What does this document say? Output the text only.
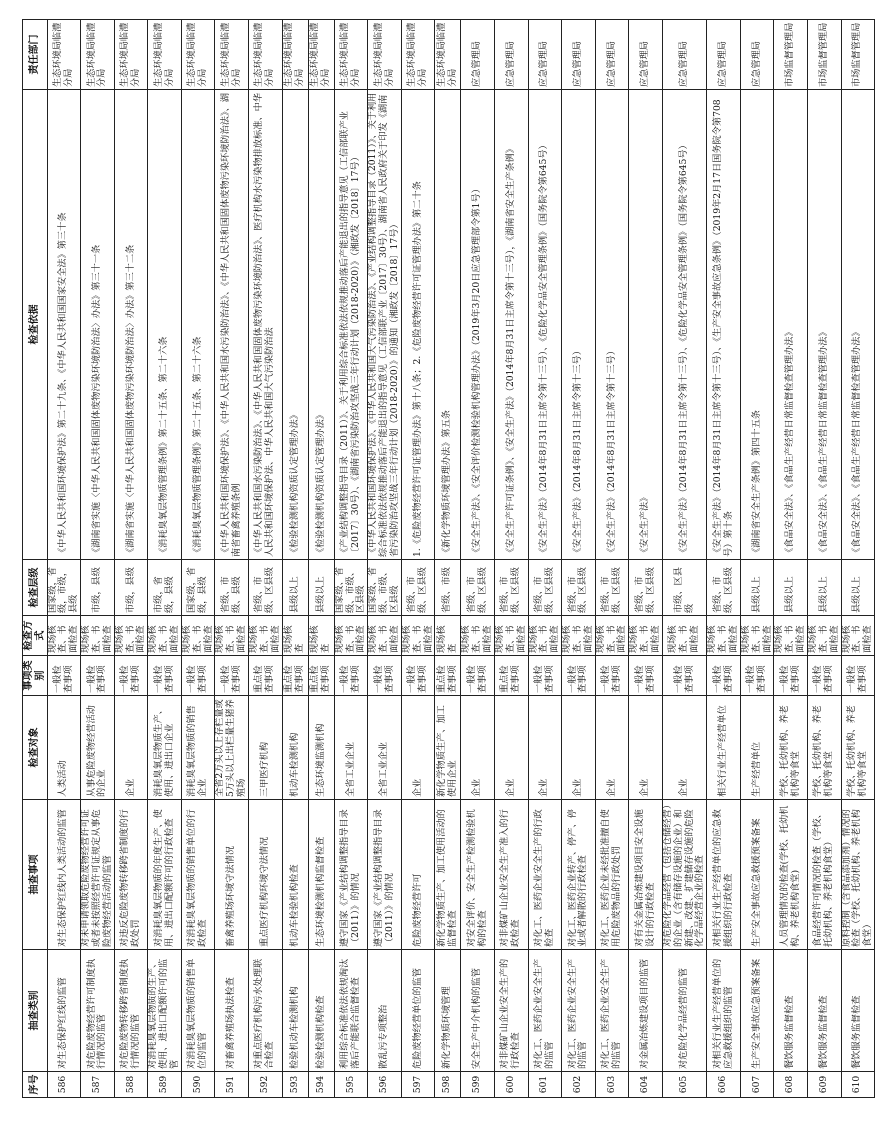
序号	抽查类别	抽查事项	检查对象	事项类别	检查方式	检查层级	检查依据	责任部门
586	对生态保护红线的监管	对生态保护红线内人类活动的监管	人类活动	一般检查事项	现场核查、书面检查	国家级，省级，市级，县级	《中华人民共和国环境保护法》第二十九条、《中华人民共和国国家安全法》第三十条	生态环境局临澧分局
587	对危险废物经营许可制度执行情况的监管	对未申请领取危险废物经营许可证或者未按照经营许可证规定从事危险废物经营活动的监管	从事危险废物经营活动的企业	一般检查事项	现场核查、书面检查	市级，县级	《湖南省实施〈中华人民共和国固体废物污染环境防治法〉办法》第三十一条	生态环境局临澧分局
588	对危险废物转移跨省制度执行情况的监管	对违反危险废物转移跨省制度的行政处罚	企业	一般检查事项	现场核查、书面检查	市级，县级	《湖南省实施〈中华人民共和国固体废物污染环境防治法〉办法》第三十二条	生态环境局临澧分局
589	对消耗臭氧层物质的生产、使用、进出口配额许可的监管	对消耗臭氧层物质的年度生产、使用、进出口配额许可的行政检查	消耗臭氧层物质生产、使用、进出口企业	一般检查事项	现场核查、书面检查	市级，省级，县级	《消耗臭氧层物质管理条例》第二十五条、第二十六条	生态环境局临澧分局
590	对消耗臭氧层物质的销售单位的监管	对消耗臭氧层物质的销售单位的行政检查	消耗臭氧层物质的销售企业	一般检查事项	现场核查、书面检查	国家级，省级，县级	《消耗臭氧层物质管理条例》第二十五条、第二十六条	生态环境局临澧分局
591	对畜禽养殖场执法检查	畜禽养殖场环境守法情况	全省2万头以上存栏量或5万头以上出栏量生猪养殖场	一般检查事项	现场核查、书面检查	省级、市级、县级	《中华人民共和国环境保护法》、《中华人民共和国水污染防治法》、《中华人民共和国固体废物污染环境防治法》、湖南省畜禽养殖条例	生态环境局临澧分局
592	对重点医疗机构污水处理联合检查	重点医疗机构环境守法情况	三甲医疗机构	重点检查事项	现场核查、书面检查	省级、市级、区县级	《中华人民共和国水污染防治法》、《中华人民共和国固体废物污染环境防治法》、医疗机构水污染物排放标准、中华人民共和国环境保护法、中华人民共和国大气污染防治法	生态环境局临澧分局
593	检验机动车检测机构	机动车检验机构检查	机动车检测机构	重点检查事项	现场核查	县级以上	《检验检测机构资质认定管理办法》	生态环境局临澧分局
594	检验检测机构检查	生态环境检测机构监督检查	生态环境监测机构	重点检查事项	现场核查	县级以上	《检验检测机构资质认定管理办法》	生态环境局临澧分局
595	利用综合标准依法依规淘汰落后产能联合监督检查	遵守国家《产业结构调整指导目录（2011）》的情况	全省工业企业	一般检查事项	现场核查、书面检查	国家级、省级、市级、区县级	《产业结构调整指导目录（2011）》、关于利用综合标准依法依规推动落后产能退出的指导意见（工信部联产业〔2017〕30号）、《湖南省污染防治攻坚战三年行动计划（2018-2020）》（湘政发〔2018〕17号）	生态环境局临澧分局
596	散乱污专项整治	遵守国家《产业结构调整指导目录（2011）》的情况	全省工业企业	一般检查事项	现场核查、书面检查	国家级、省级、市级、区县级	《中华人民共和国环境保护法》、《中华人民共和国大气污染防治法》、《产业结构调整指导目录（2011）》、关于利用综合标准依法依规推动落后产能退出的指导意见（工信部联产业〔2017〕30号）、湖南省人民政府关于印发《湖南省污染防治攻坚战三年行动计划（2018-2020）》的通知（湘政发〔2018〕17号）	生态环境局临澧分局
597	危险废物经营单位的监管	危险废物经营许可	企业	一般检查事项	现场核查、书面检查	省级、市级、区县级	1.《危险废物经营许可证管理办法》第十八条；2.《危险废物经营许可证管理办法》第二十条	生态环境局临澧分局
598	新化学物质环境管理	新化学物质生产、加工使用活动的监督检查	新化学物质生产、加工使用企业	重点检查事项	现场核查	省级、市级	《新化学物质环境管理办法》第五条	生态环境局临澧分局
599	安全生产中介机构的监管	对安全评价、安全生产检测检验机构的检查	企业	一般检查事项	现场核查、书面检查	省级、市级、区县级	《安全生产法》、《安全评价检测检验机构管理办法》（2019年3月20日应急管理部令第1号）	应急管理局
600	对非煤矿山企业安全生产的行政检查	对非煤矿山企业安全生产准入的行政检查	企业	重点检查事项	现场核查、书面检查	省级、市级、区县级	《安全生产许可证条例》、《安全生产法》（2014年8月31日主席令第十三号），《湖南省安全生产条例》	应急管理局
601	对化工、医药企业安全生产的监管	对化工、医药企业安全生产的行政检查	企业	一般检查事项	现场核查、书面检查	省级、市级、区县级	《安全生产法》（2014年8月31日主席令第十三号）、《危险化学品安全管理条例》（国务院令第645号）	应急管理局
602	对化工、医药企业安全生产的监管	对化工、医药企业转产、停产、停业或者解散的行政检查	企业	一般检查事项	现场核查、书面检查	省级、市级、区县级	《安全生产法》（2014年8月31日主席令第十三号）	应急管理局
603	对化工、医药企业安全生产的监管	对化工、医药企业未经批准擅自使用危险废物品的行政处罚	企业	一般检查事项	现场核查、书面检查	省级、市级、区县级	《安全生产法》（2014年8月31日主席令第十三号）	应急管理局
604	对金属冶炼建设项目的监管	对有关金属冶炼建设项目安全设施设计的行政检查	企业	一般检查事项	现场核查、书面检查	省级、市级、区县级	《安全生产法》	应急管理局
605	对危险化学品经营的监管	对危险化学品经营（包括仓储经营）的企业（含有储存设施的企业）和新建、改建、扩建储存设施的危险化学品经营企业的检查	企业	一般检查事项	现场核查、书面检查	市级、区县级	《安全生产法》（2014年8月31日主席令第十三号）、《危险化学品安全管理条例》（国务院令第645号）	应急管理局
606	对相关行业生产经营单位的应急救援组织的监管	对相关行业生产经营单位的应急救援组织的行政检查	相关行业生产经营单位	一般检查事项	现场核查、书面检查	省级、市级、区县级	《安全生产法》（2014年8月31日主席令第十三号）、《生产安全事故应急条例》（2019年2月17日国务院令第708号）第十条	应急管理局
607	生产安全事故应急预案备案	生产安全事故应急救援预案备案	生产经营单位	一般检查事项	现场核查、书面检查	县级以上	《湖南省安全生产条例》第四十五条	应急管理局
608	餐饮服务监督检查	人员管理情况的检查(学校、托幼机构、养老机构食堂)	学校、托幼机构、养老机构等食堂	一般检查事项	现场核查、书面检查	县级以上	《食品安全法》、《食品生产经营日常监督检查管理办法》	市场监督管理局
609	餐饮服务监督检查	食品经营许可情况的检查（学校、托幼机构、养老机构食堂）	学校、托幼机构、养老机构等食堂	一般检查事项	现场核查、书面检查	县级以上	《食品安全法》、《食品生产经营日常监督检查管理办法》	市场监督管理局
610	餐饮服务监督检查	原料控制（含食品添加剂）情况的检查（学校、托幼机构、养老机构食堂）	学校、托幼机构、养老机构等食堂	一般检查事项	现场核查、书面检查	县级以上	《食品安全法》、《食品生产经营日常监督检查管理办法》	市场监督管理局
